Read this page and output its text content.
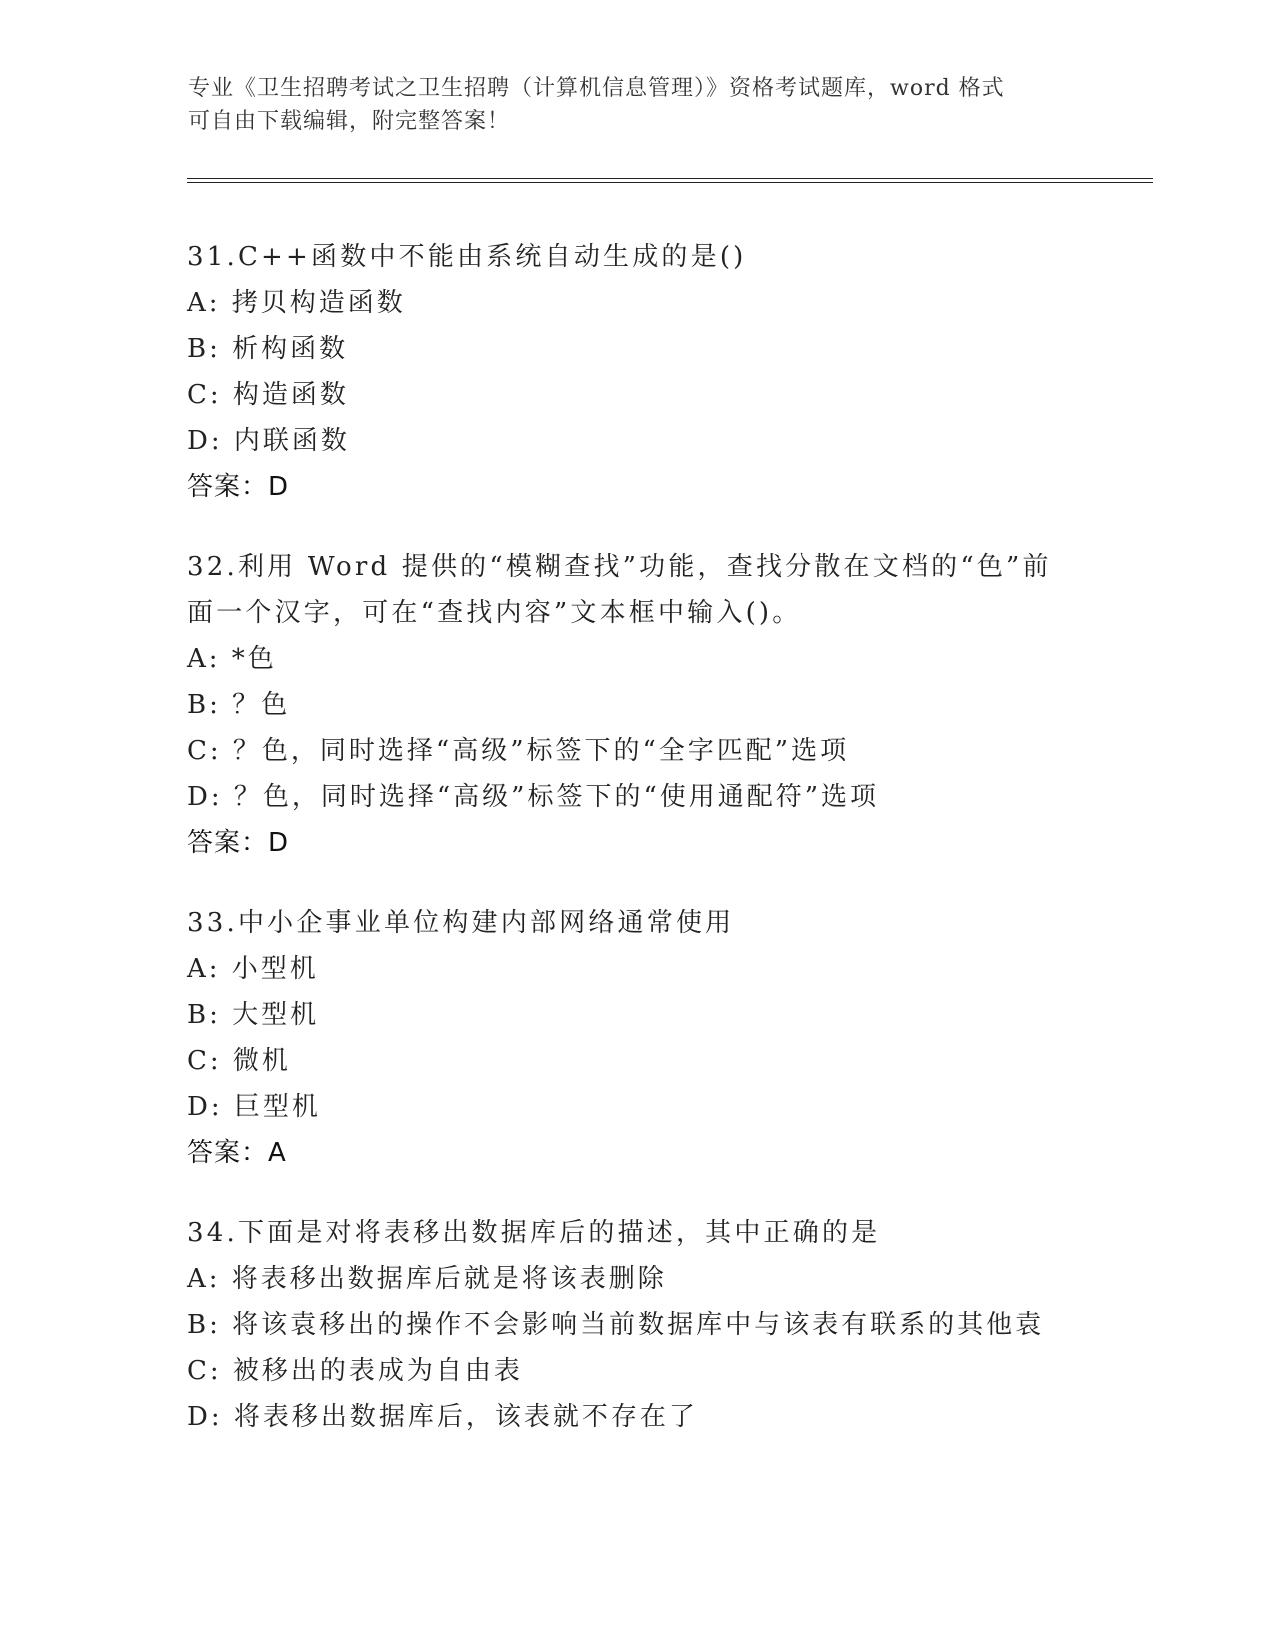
专业《卫生招聘考试之卫生招聘（计算机信息管理）》资格考试题库，word 格式

可自由下载编辑，附完整答案！

31.C++函数中不能由系统自动生成的是()
A: 拷贝构造函数
B: 析构函数
C: 构造函数
D: 内联函数
答案：D
32.利用 Word 提供的“模糊查找”功能，查找分散在文档的“色”前
面一个汉字，可在“查找内容”文本框中输入()。
A: *色
B: ？色
C: ？色，同时选择“高级”标签下的“全字匹配”选项
D: ？色，同时选择“高级”标签下的“使用通配符”选项
答案：D
33.中小企事业单位构建内部网络通常使用
A: 小型机
B: 大型机
C: 微机
D: 巨型机
答案：A
34.下面是对将表移出数据库后的描述，其中正确的是
A: 将表移出数据库后就是将该表删除
B: 将该袁移出的操作不会影响当前数据库中与该表有联系的其他袁
C: 被移出的表成为自由表
D: 将表移出数据库后，该表就不存在了
